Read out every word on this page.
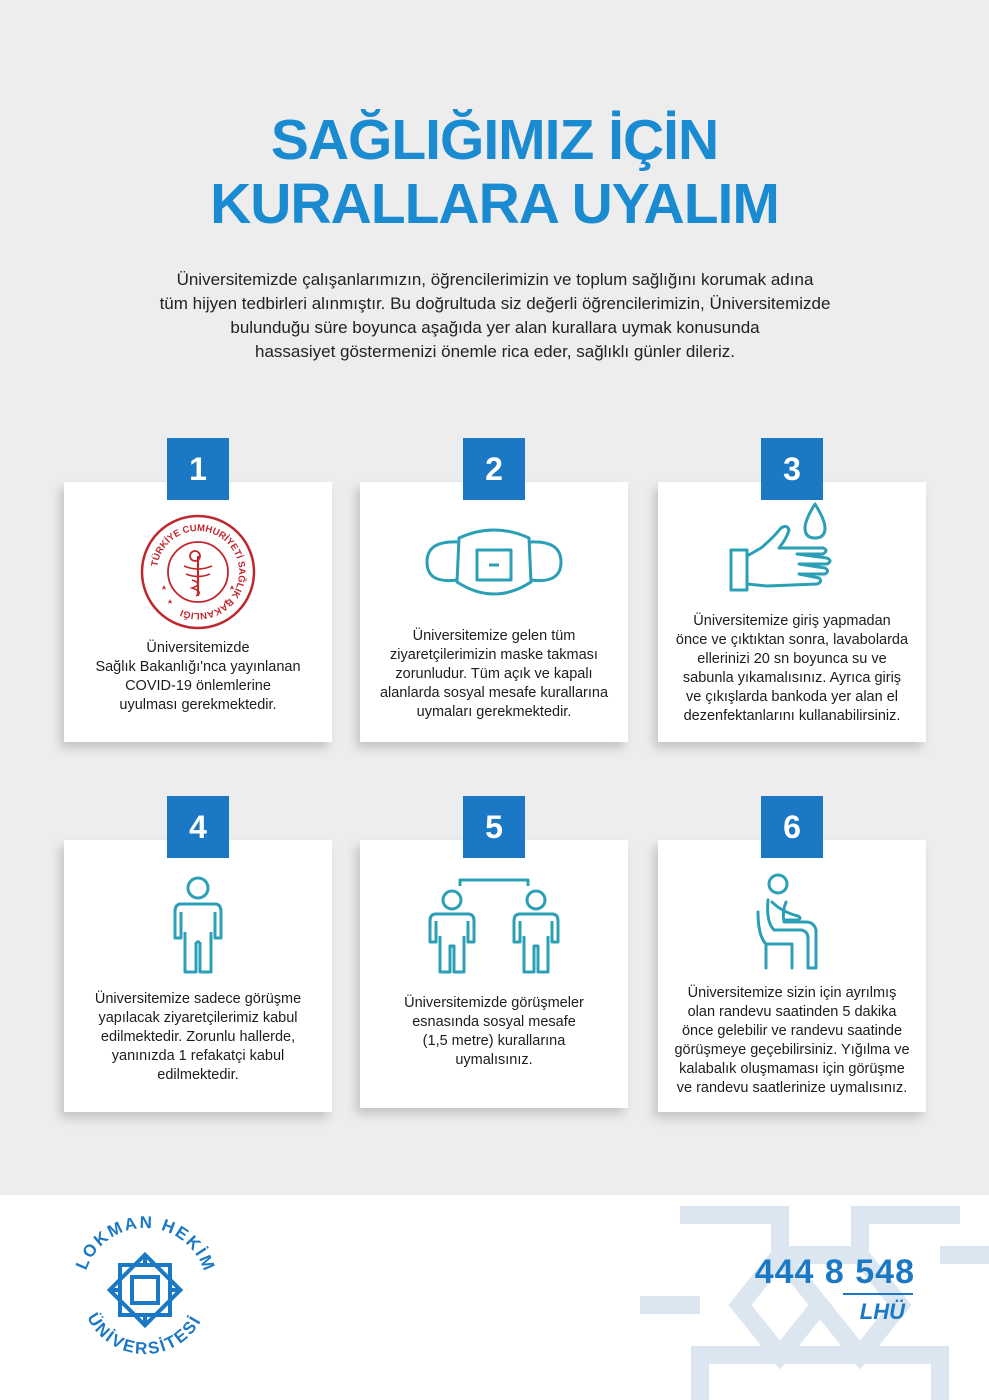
SAĞLIĞIMIZ İÇİN
KURALLARA UYALIM
Üniversitemizde çalışanlarımızın, öğrencilerimizin ve toplum sağlığını korumak adına
tüm hijyen tedbirleri alınmıştır. Bu doğrultuda siz değerli öğrencilerimizin, Üniversitemizde
bulunduğu süre boyunca aşağıda yer alan kurallara uymak konusunda
hassasiyet göstermenizi önemle rica eder, sağlıklı günler dileriz.
1
TÜRKİYE CUMHURİYETİ SAĞLIK BAKANLIĞI
Üniversitemizde
Sağlık Bakanlığı'nca yayınlanan
COVID-19 önlemlerine
uyulması gerekmektedir.
2
Üniversitemize gelen tüm
ziyaretçilerimizin maske takması
zorunludur. Tüm açık ve kapalı
alanlarda sosyal mesafe kurallarına
uymaları gerekmektedir.
3
Üniversitemize giriş yapmadan
önce ve çıktıktan sonra, lavabolarda
ellerinizi 20 sn boyunca su ve
sabunla yıkamalısınız. Ayrıca giriş
ve çıkışlarda bankoda yer alan el
dezenfektanlarını kullanabilirsiniz.
4
Üniversitemize sadece görüşme
yapılacak ziyaretçilerimiz kabul
edilmektedir. Zorunlu hallerde,
yanınızda 1 refakatçi kabul
edilmektedir.
5
Üniversitemizde görüşmeler
esnasında sosyal mesafe
(1,5 metre) kurallarına
uymalısınız.
6
Üniversitemize sizin için ayrılmış
olan randevu saatinden 5 dakika
önce gelebilir ve randevu saatinde
görüşmeye geçebilirsiniz. Yığılma ve
kalabalık oluşmaması için görüşme
ve randevu saatlerinize uymalısınız.
LOKMAN HEKİM
ÜNİVERSİTESİ
444 8 548
LHÜ
